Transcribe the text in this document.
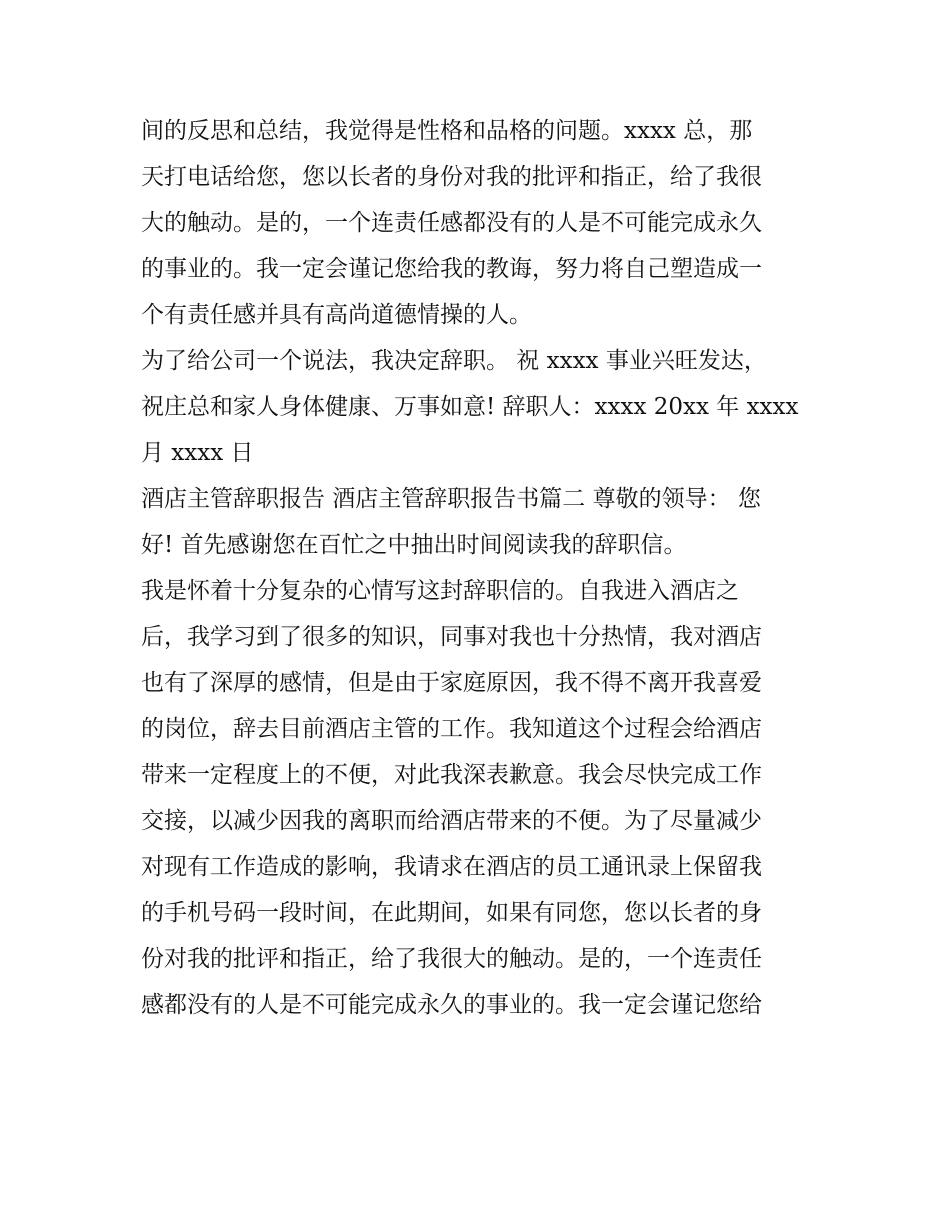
间的反思和总结，我觉得是性格和品格的问题。xxxx 总，那
天打电话给您，您以长者的身份对我的批评和指正，给了我很
大的触动。是的，一个连责任感都没有的人是不可能完成永久
的事业的。我一定会谨记您给我的教诲，努力将自己塑造成一
个有责任感并具有高尚道德情操的人。
为了给公司一个说法，我决定辞职。 祝 xxxx 事业兴旺发达，
祝庄总和家人身体健康、万事如意! 辞职人：xxxx 20xx 年 xxxx
月 xxxx 日
酒店主管辞职报告 酒店主管辞职报告书篇二 尊敬的领导： 您
好! 首先感谢您在百忙之中抽出时间阅读我的辞职信。
我是怀着十分复杂的心情写这封辞职信的。自我进入酒店之
后，我学习到了很多的知识，同事对我也十分热情，我对酒店
也有了深厚的感情，但是由于家庭原因，我不得不离开我喜爱
的岗位，辞去目前酒店主管的工作。我知道这个过程会给酒店
带来一定程度上的不便，对此我深表歉意。我会尽快完成工作
交接，以减少因我的离职而给酒店带来的不便。为了尽量减少
对现有工作造成的影响，我请求在酒店的员工通讯录上保留我
的手机号码一段时间，在此期间，如果有同您，您以长者的身
份对我的批评和指正，给了我很大的触动。是的，一个连责任
感都没有的人是不可能完成永久的事业的。我一定会谨记您给
